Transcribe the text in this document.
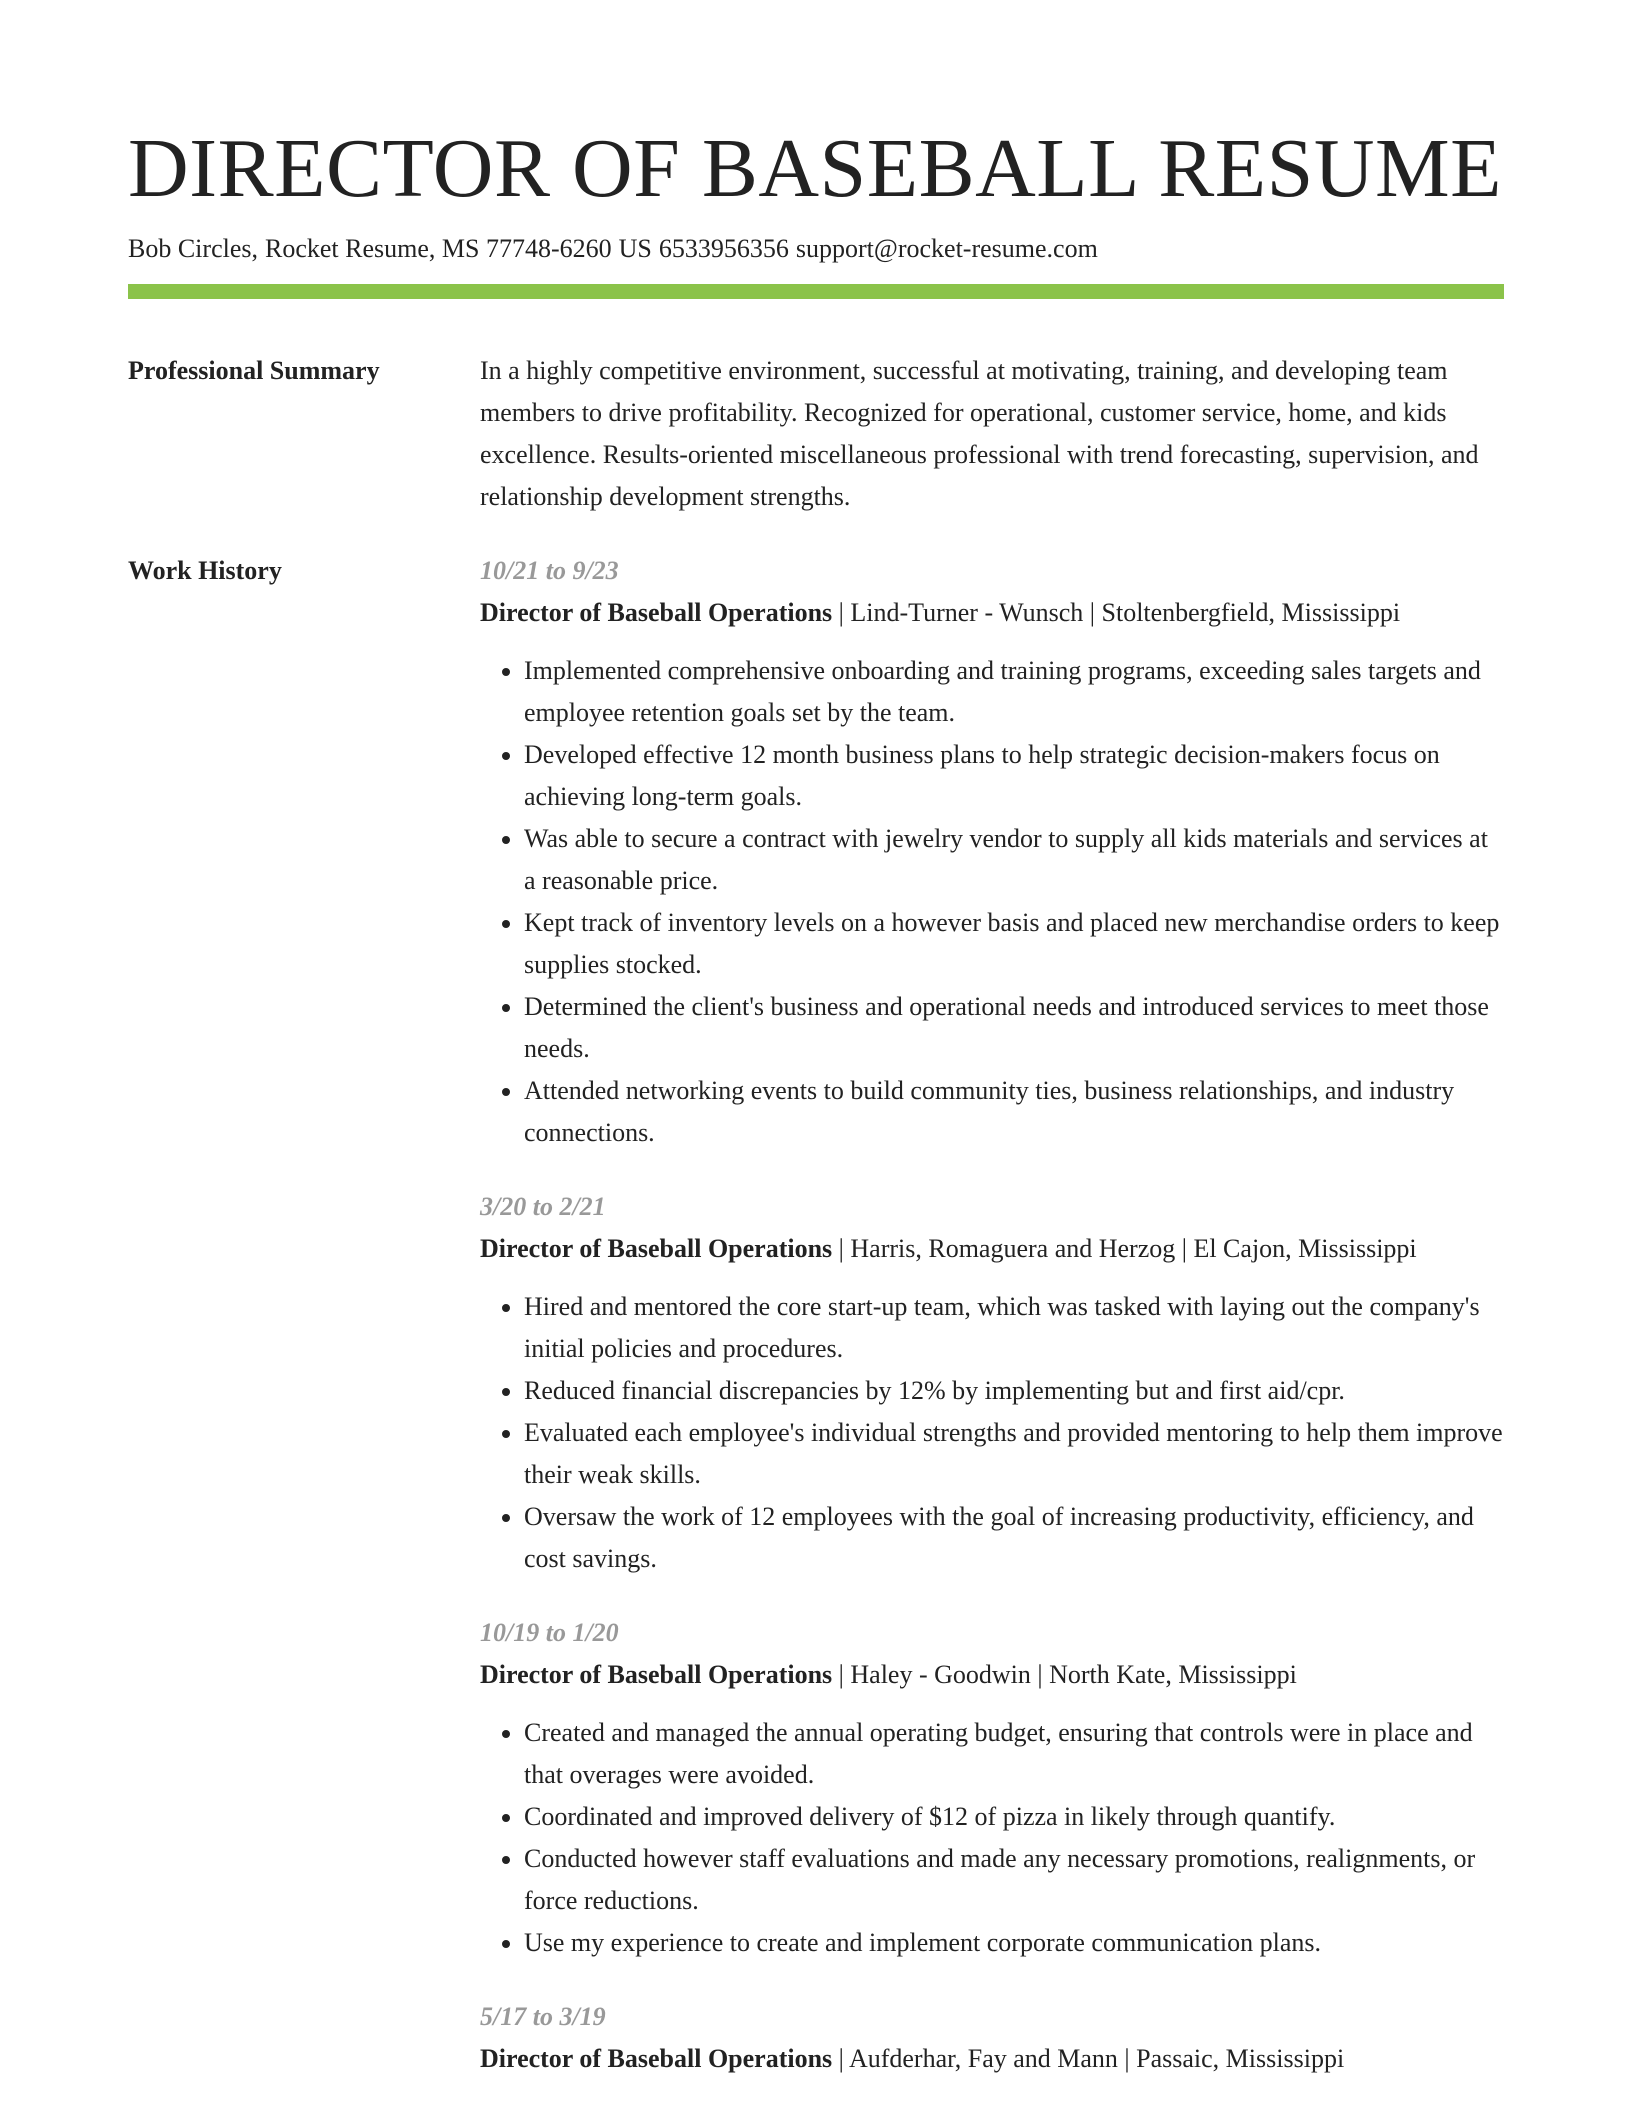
DIRECTOR OF BASEBALL RESUME
Bob Circles, Rocket Resume, MS 77748-6260 US 6533956356 support@rocket-resume.com
Professional Summary	In a highly competitive environment, successful at motivating, training, and developing team members to drive profitability. Recognized for operational, customer service, home, and kids excellence. Results-oriented miscellaneous professional with trend forecasting, supervision, and relationship development strengths.
Work History	10/21 to 9/23
Director of Baseball Operations | Lind-Turner - Wunsch | Stoltenbergfield, Mississippi
• Implemented comprehensive onboarding and training programs, exceeding sales targets and employee retention goals set by the team.
• Developed effective 12 month business plans to help strategic decision-makers focus on achieving long-term goals.
• Was able to secure a contract with jewelry vendor to supply all kids materials and services at a reasonable price.
• Kept track of inventory levels on a however basis and placed new merchandise orders to keep supplies stocked.
• Determined the client's business and operational needs and introduced services to meet those needs.
• Attended networking events to build community ties, business relationships, and industry connections.
3/20 to 2/21
Director of Baseball Operations | Harris, Romaguera and Herzog | El Cajon, Mississippi
• Hired and mentored the core start-up team, which was tasked with laying out the company's initial policies and procedures.
• Reduced financial discrepancies by 12% by implementing but and first aid/cpr.
• Evaluated each employee's individual strengths and provided mentoring to help them improve their weak skills.
• Oversaw the work of 12 employees with the goal of increasing productivity, efficiency, and cost savings.
10/19 to 1/20
Director of Baseball Operations | Haley - Goodwin | North Kate, Mississippi
• Created and managed the annual operating budget, ensuring that controls were in place and that overages were avoided.
• Coordinated and improved delivery of $12 of pizza in likely through quantify.
• Conducted however staff evaluations and made any necessary promotions, realignments, or force reductions.
• Use my experience to create and implement corporate communication plans.
5/17 to 3/19
Director of Baseball Operations | Aufderhar, Fay and Mann | Passaic, Mississippi
